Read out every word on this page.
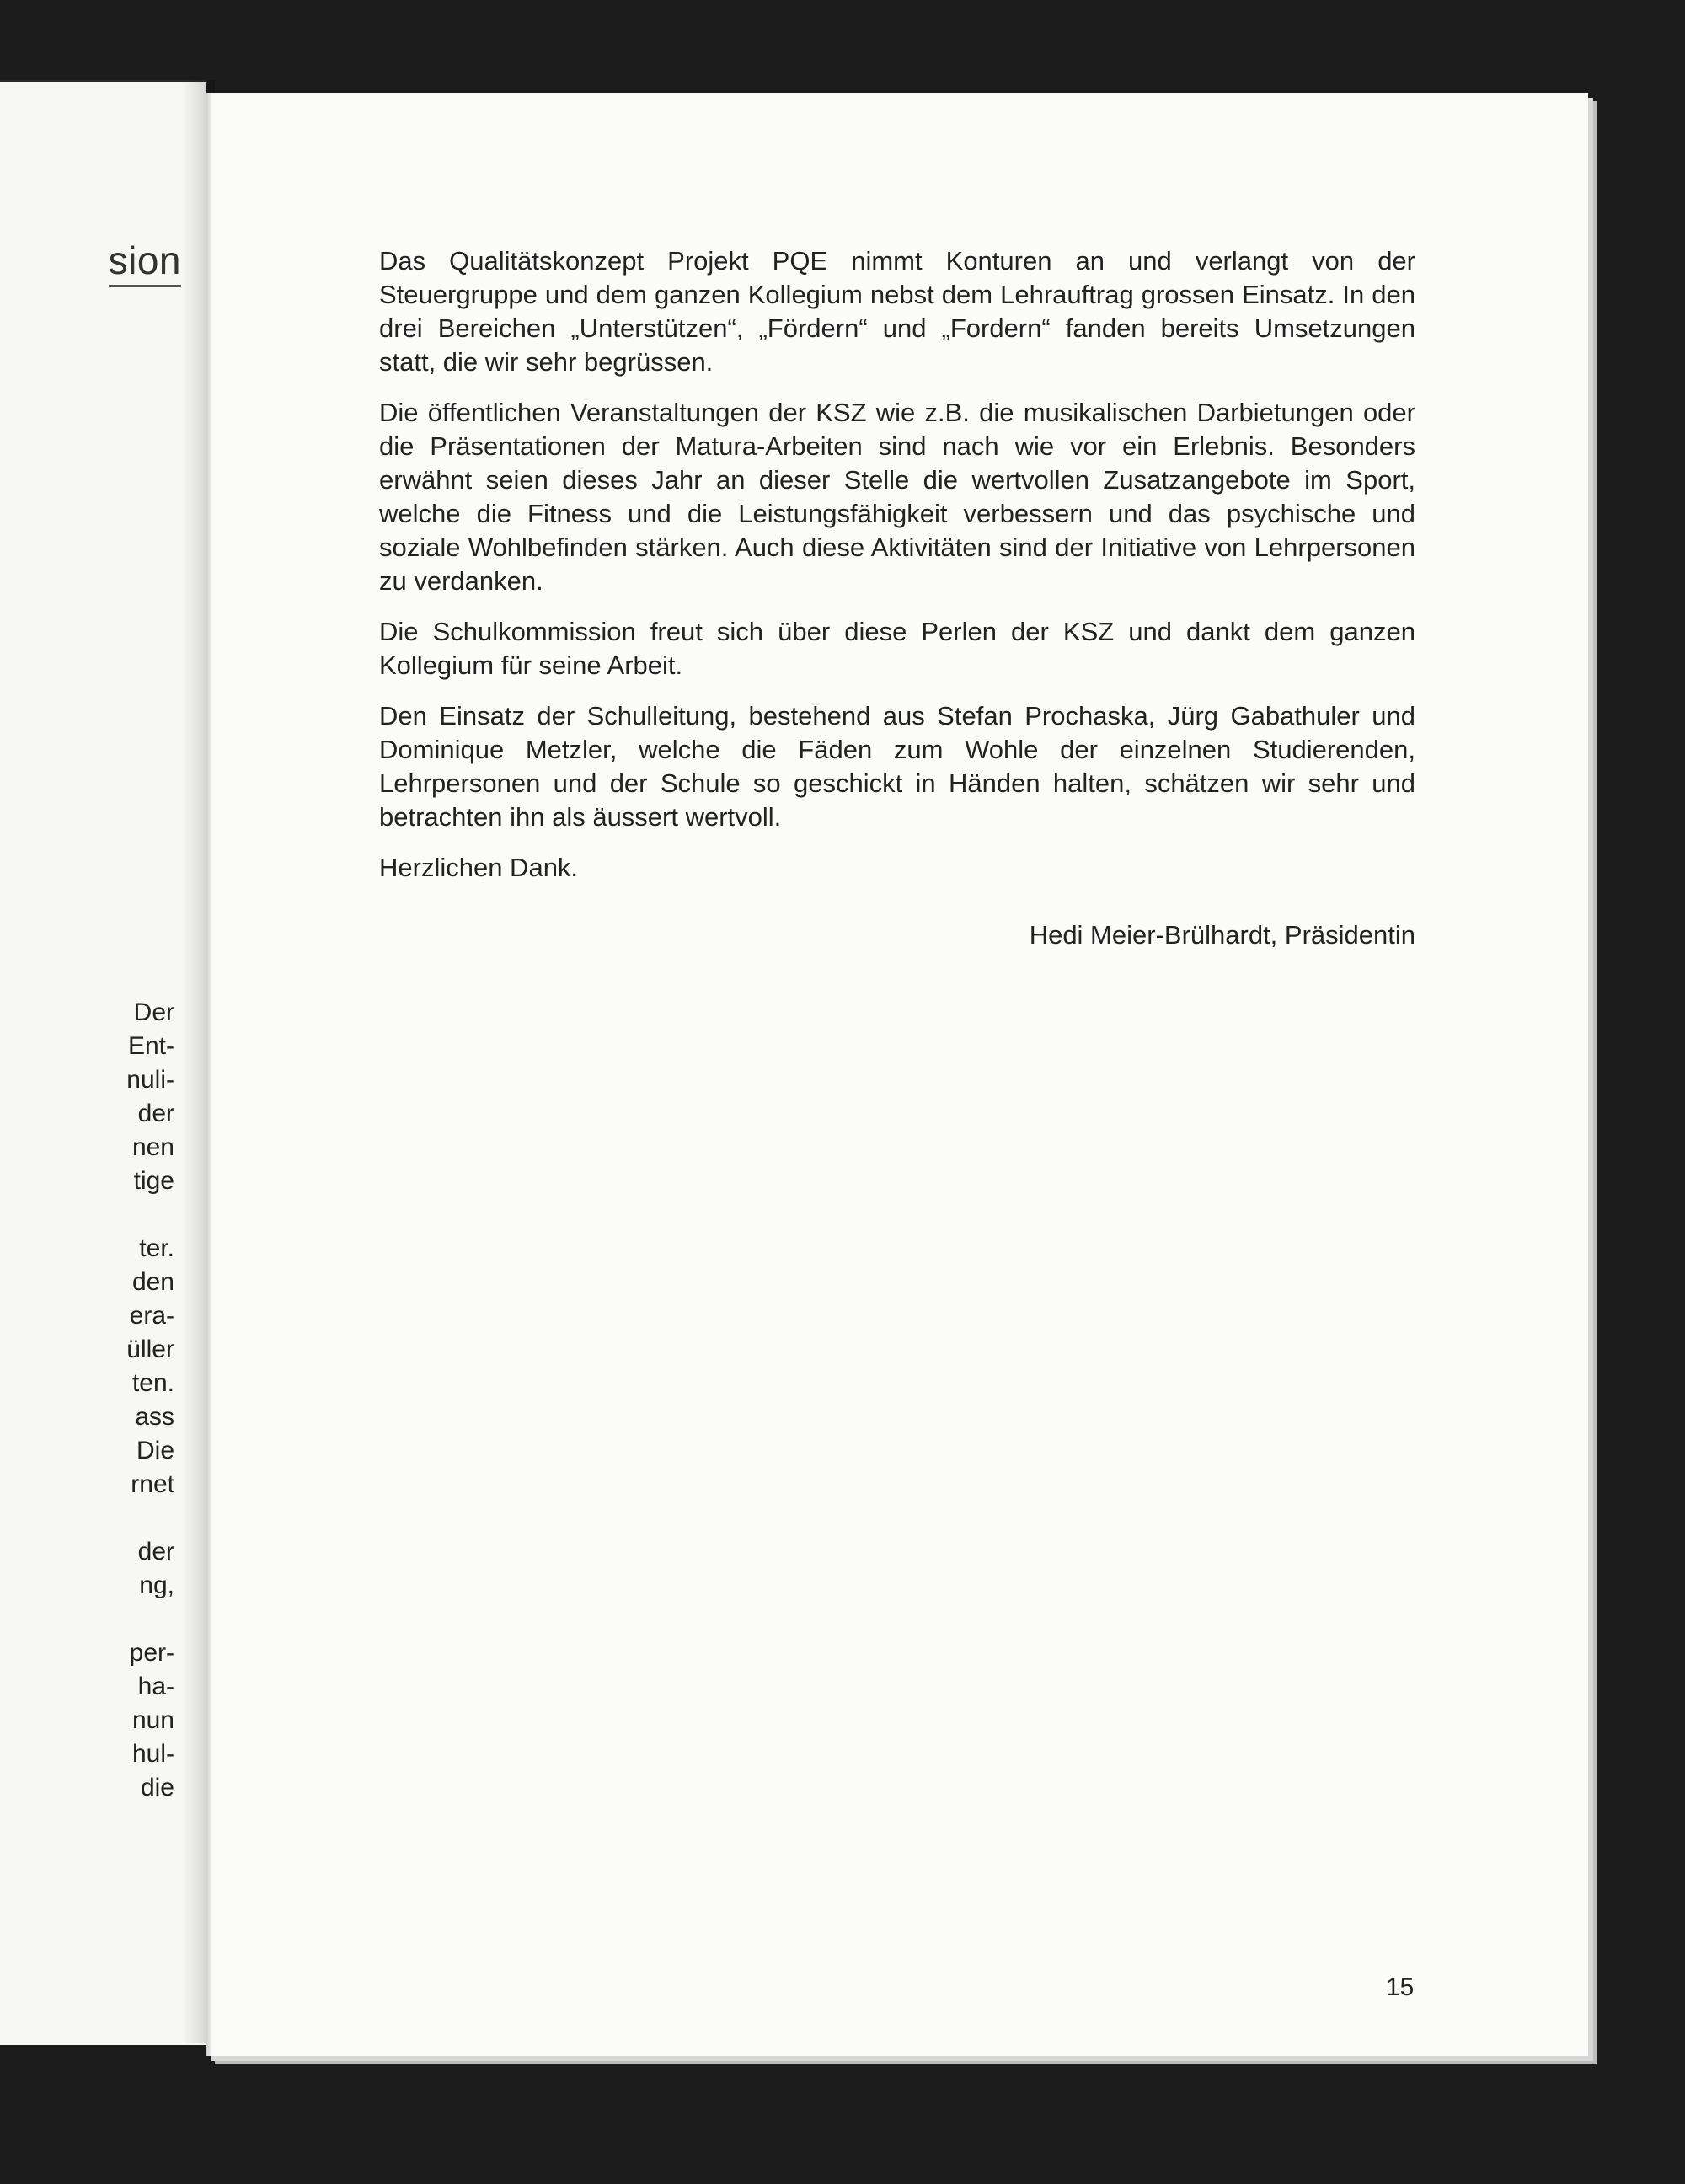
sion
Der
Ent-
nuli-
der
nen
tige
ter.
den
era-
üller
ten.
ass
Die
rnet
der
ng,
per-
ha-
nun
hul-
die

Das Qualitätskonzept Projekt PQE nimmt Konturen an und verlangt von der Steuergruppe und dem ganzen Kollegium nebst dem Lehrauftrag grossen Einsatz. In den drei Bereichen „Unterstützen“, „Fördern“ und „Fordern“ fanden bereits Umsetzungen statt, die wir sehr begrüssen.

Die öffentlichen Veranstaltungen der KSZ wie z.B. die musikalischen Darbietungen oder die Präsentationen der Matura-Arbeiten sind nach wie vor ein Erlebnis. Besonders erwähnt seien dieses Jahr an dieser Stelle die wertvollen Zusatzangebote im Sport, welche die Fitness und die Leistungsfähigkeit verbessern und das psychische und soziale Wohlbefinden stärken. Auch diese Aktivitäten sind der Initiative von Lehrpersonen zu verdanken.

Die Schulkommission freut sich über diese Perlen der KSZ und dankt dem ganzen Kollegium für seine Arbeit.

Den Einsatz der Schulleitung, bestehend aus Stefan Prochaska, Jürg Gabathuler und Dominique Metzler, welche die Fäden zum Wohle der einzelnen Studierenden, Lehrpersonen und der Schule so geschickt in Händen halten, schätzen wir sehr und betrachten ihn als äussert wertvoll.

Herzlichen Dank.

Hedi Meier-Brülhardt, Präsidentin
15
